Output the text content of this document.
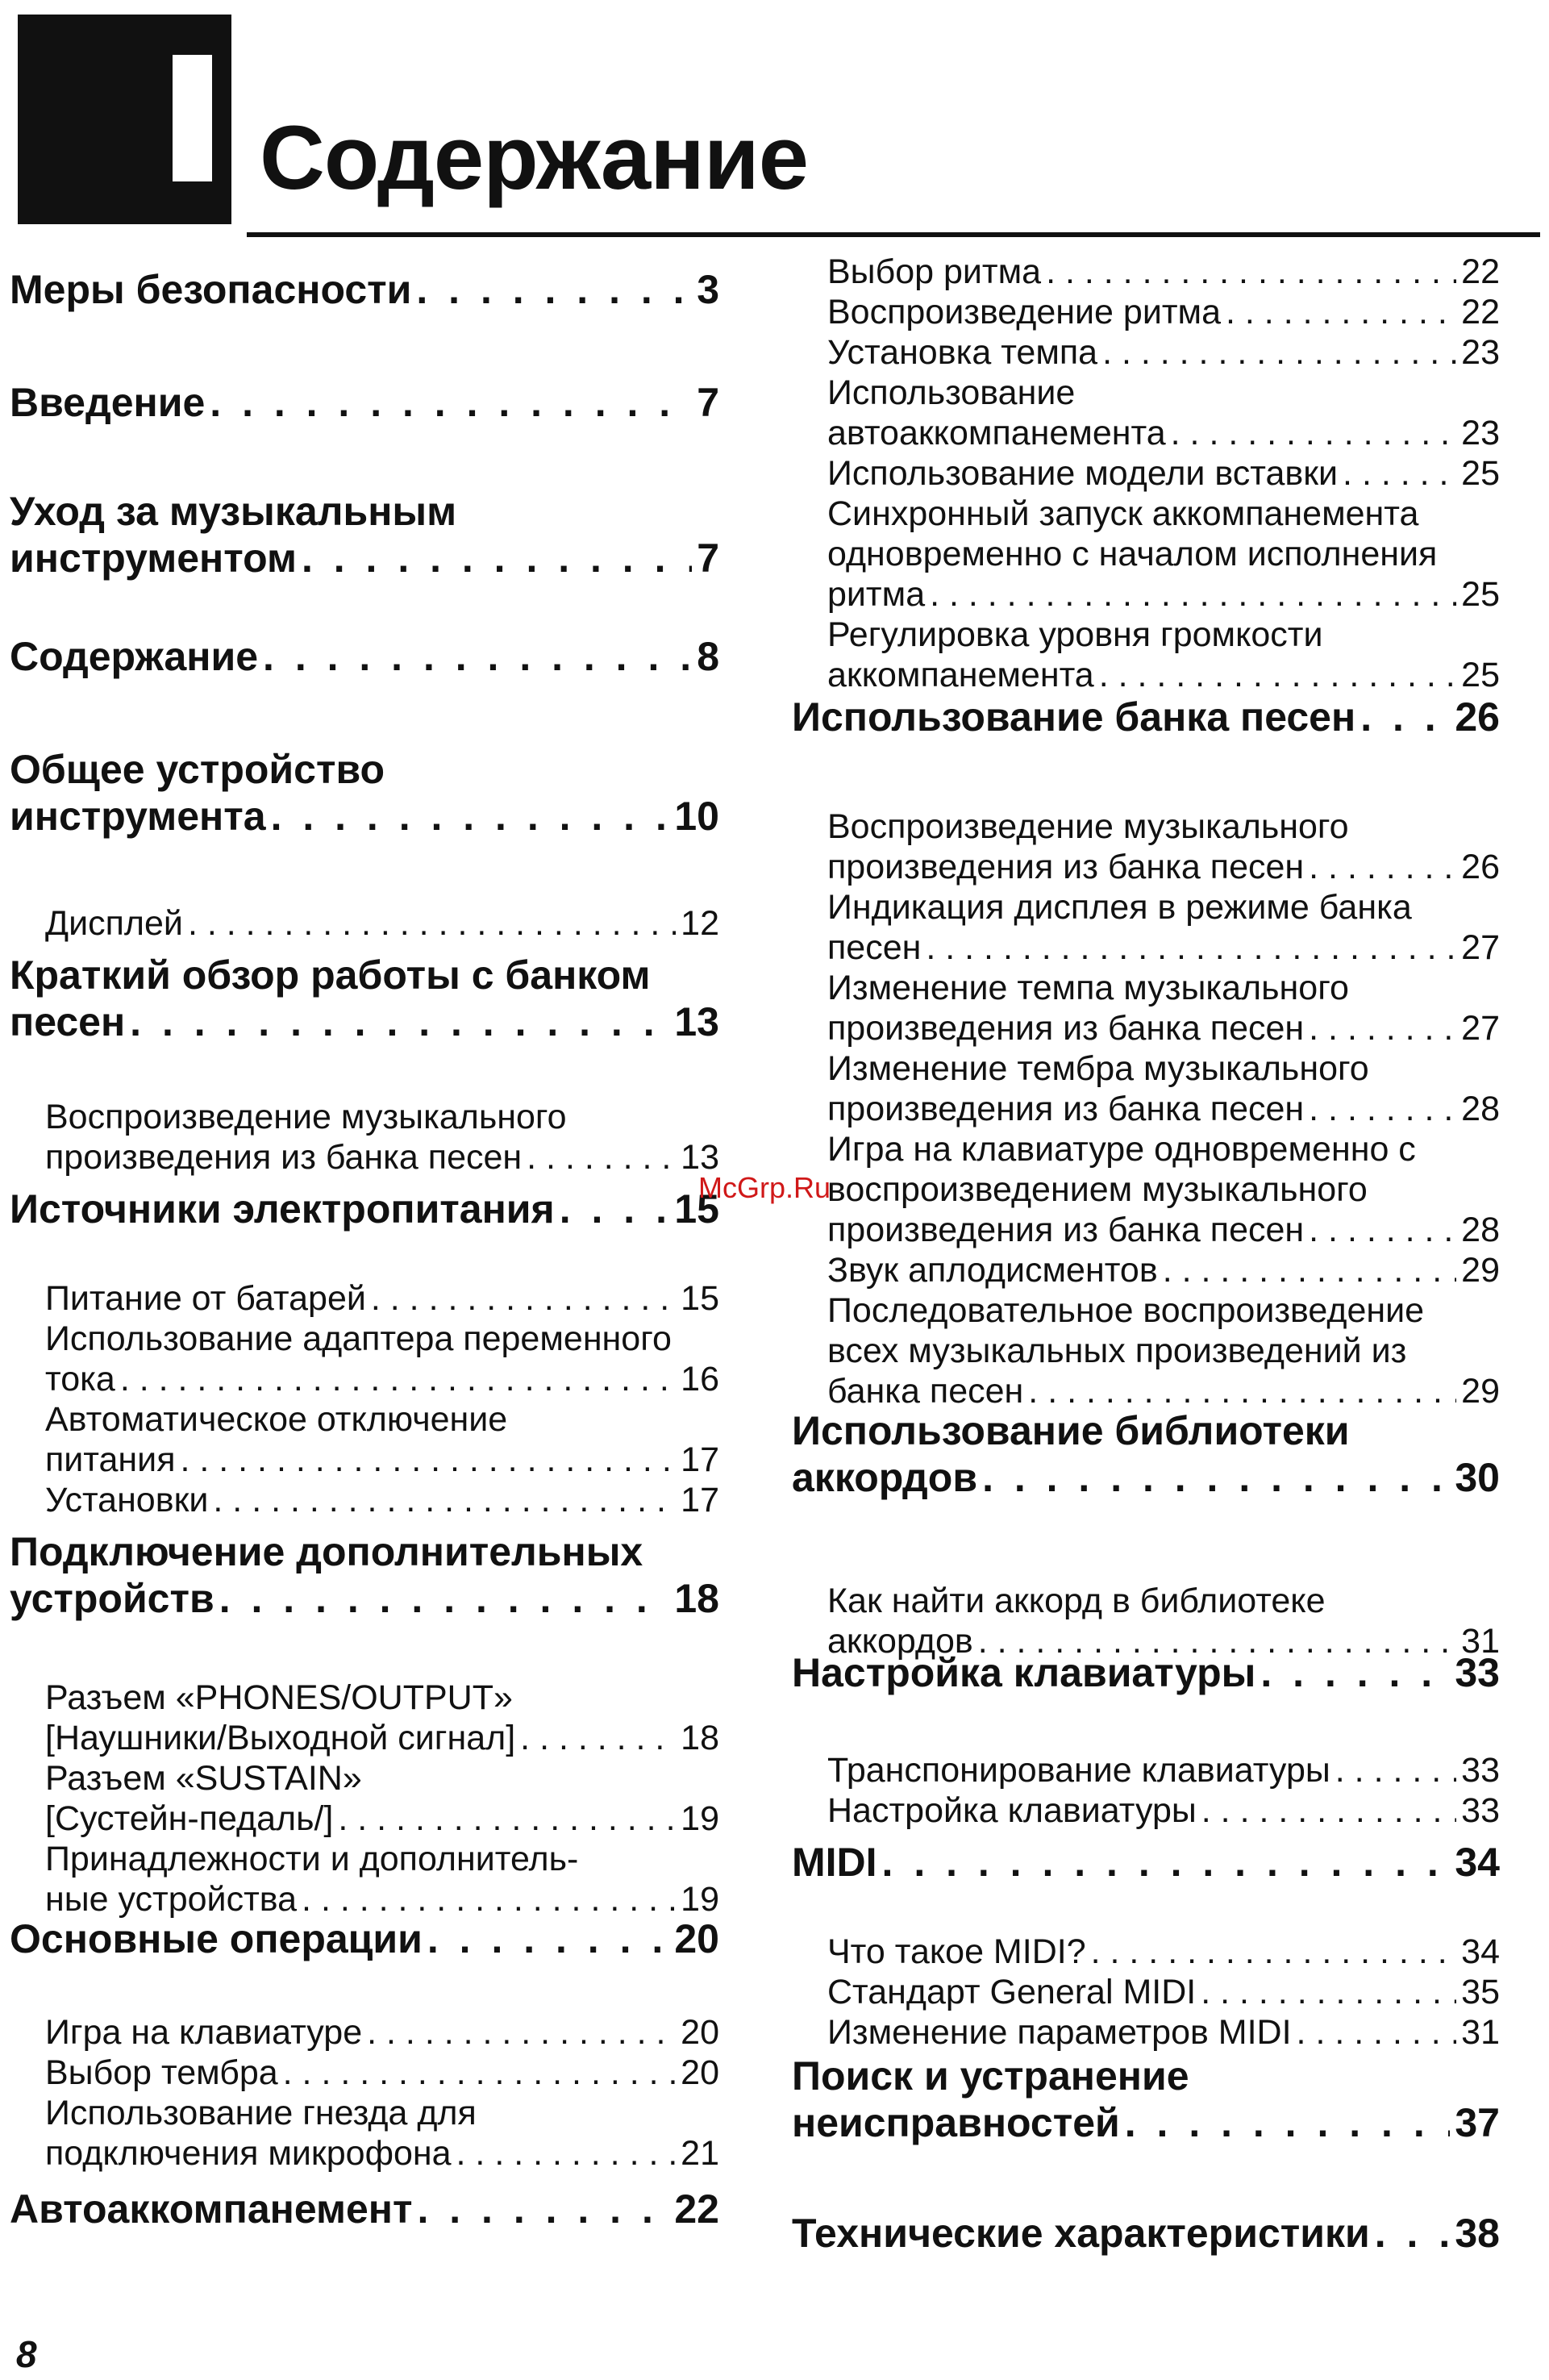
Содержание
Меры безопасности . . .	3
Введение . . .	7
Уход за музыкальным
инструментом . . .	7
Содержание . . .	8
Общее устройство
инструмента . . .	10
Дисплей . . .	12
Краткий обзор работы с банком
песен . . .	13
Воспроизведение музыкального
произведения из банка песен . . .	13
Источники электропитания . . .	15
Питание от батарей . . .	15
Использование адаптера переменного
тока . . .	16
Автоматическое отключение
питания . . .	17
Установки . . .	17
Подключение дополнительных
устройств . . .	18
Разъем «PHONES/OUTPUT»
[Наушники/Выходной сигнал] . . .	18
Разъем «SUSTAIN»
[Сустейн-педаль/] . . .	19
Принадлежности и дополнитель-
ные устройства . . .	19
Основные операции . . .	20
Игра на клавиатуре . . .	20
Выбор тембра . . .	20
Использование гнезда для
подключения микрофона . . .	21
Автоаккомпанемент . . .	22
Выбор ритма . . .	22
Воспроизведение ритма . . .	22
Установка темпа . . .	23
Использование
автоаккомпанемента . . .	23
Использование модели вставки . . .	25
Синхронный запуск аккомпанемента
одновременно с началом исполнения
ритма . . .	25
Регулировка уровня громкости
аккомпанемента . . .	25
Использование банка песен . . . 26
Воспроизведение музыкального
произведения из банка песен . . .	26
Индикация дисплея в режиме банка
песен . . .	27
Изменение темпа музыкального
произведения из банка песен . . .	27
Изменение тембра музыкального
произведения из банка песен . . .	28
Игра на клавиатуре одновременно с
воспроизведением музыкального
произведения из банка песен . . .	28
Звук аплодисментов . . .	29
Последовательное воспроизведение
всех музыкальных произведений из
банка песен . . .	29
Использование библиотеки
аккордов . . .	30
Как найти аккорд в библиотеке
аккордов . . .	31
Настройка клавиатуры . . .	33
Транспонирование клавиатуры . . .	33
Настройка клавиатуры . . .	33
MIDI . . .	34
Что такое MIDI? . . .	34
Стандарт General MIDI . . .	35
Изменение параметров MIDI . . .	31
Поиск и устранение
неисправностей . . .	37
Технические характеристики . . . 38
McGrp.Ru
8
